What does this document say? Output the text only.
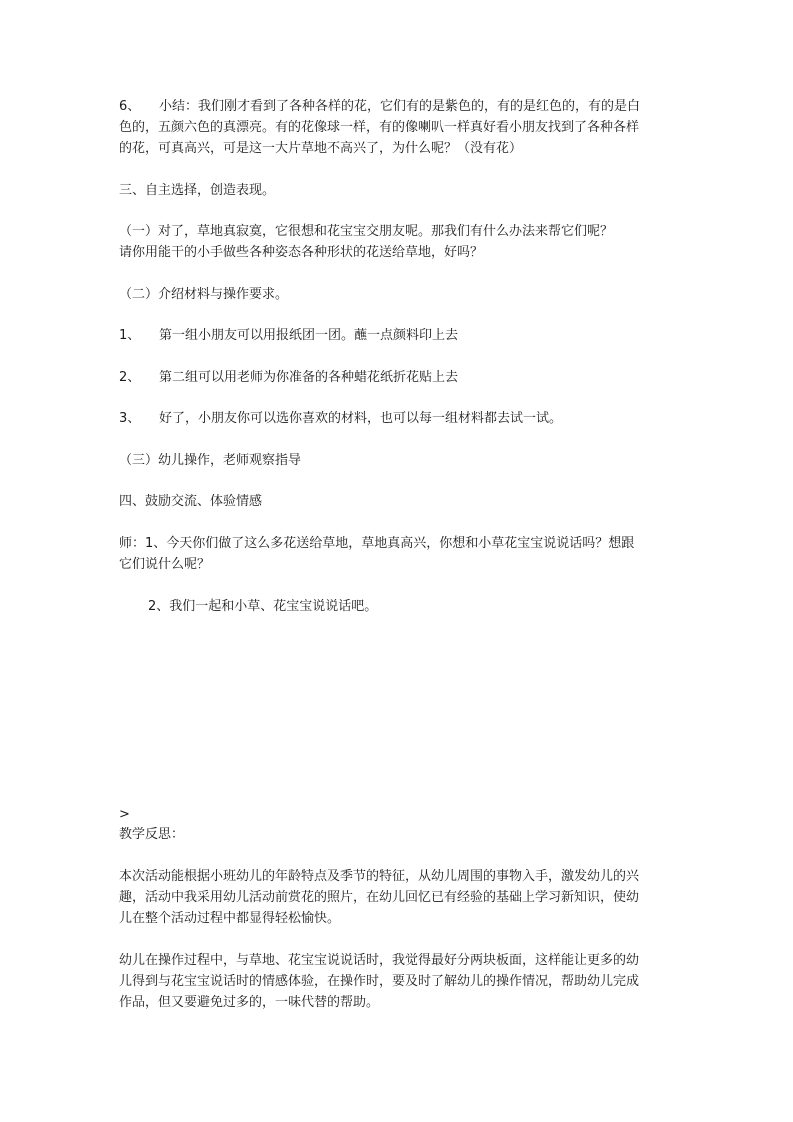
6、 小结：我们刚才看到了各种各样的花，它们有的是紫色的，有的是红色的，有的是白
色的，五颜六色的真漂亮。有的花像球一样，有的像喇叭一样真好看小朋友找到了各种各样
的花，可真高兴，可是这一大片草地不高兴了，为什么呢？（没有花）
三、自主选择，创造表现。
（一）对了，草地真寂寞，它很想和花宝宝交朋友呢。那我们有什么办法来帮它们呢？
请你用能干的小手做些各种姿态各种形状的花送给草地，好吗？
（二）介绍材料与操作要求。
1、 第一组小朋友可以用报纸团一团。蘸一点颜料印上去
2、 第二组可以用老师为你准备的各种蜡花纸折花贴上去
3、 好了，小朋友你可以选你喜欢的材料，也可以每一组材料都去试一试。
（三）幼儿操作，老师观察指导
四、鼓励交流、体验情感
师：1、今天你们做了这么多花送给草地，草地真高兴，你想和小草花宝宝说说话吗？想跟
它们说什么呢？
2、我们一起和小草、花宝宝说说话吧。
>
教学反思：
本次活动能根据小班幼儿的年龄特点及季节的特征，从幼儿周围的事物入手，激发幼儿的兴
趣，活动中我采用幼儿活动前赏花的照片，在幼儿回忆已有经验的基础上学习新知识，使幼
儿在整个活动过程中都显得轻松愉快。
幼儿在操作过程中，与草地、花宝宝说说话时，我觉得最好分两块板面，这样能让更多的幼
儿得到与花宝宝说话时的情感体验，在操作时，要及时了解幼儿的操作情况，帮助幼儿完成
作品，但又要避免过多的，一味代替的帮助。
